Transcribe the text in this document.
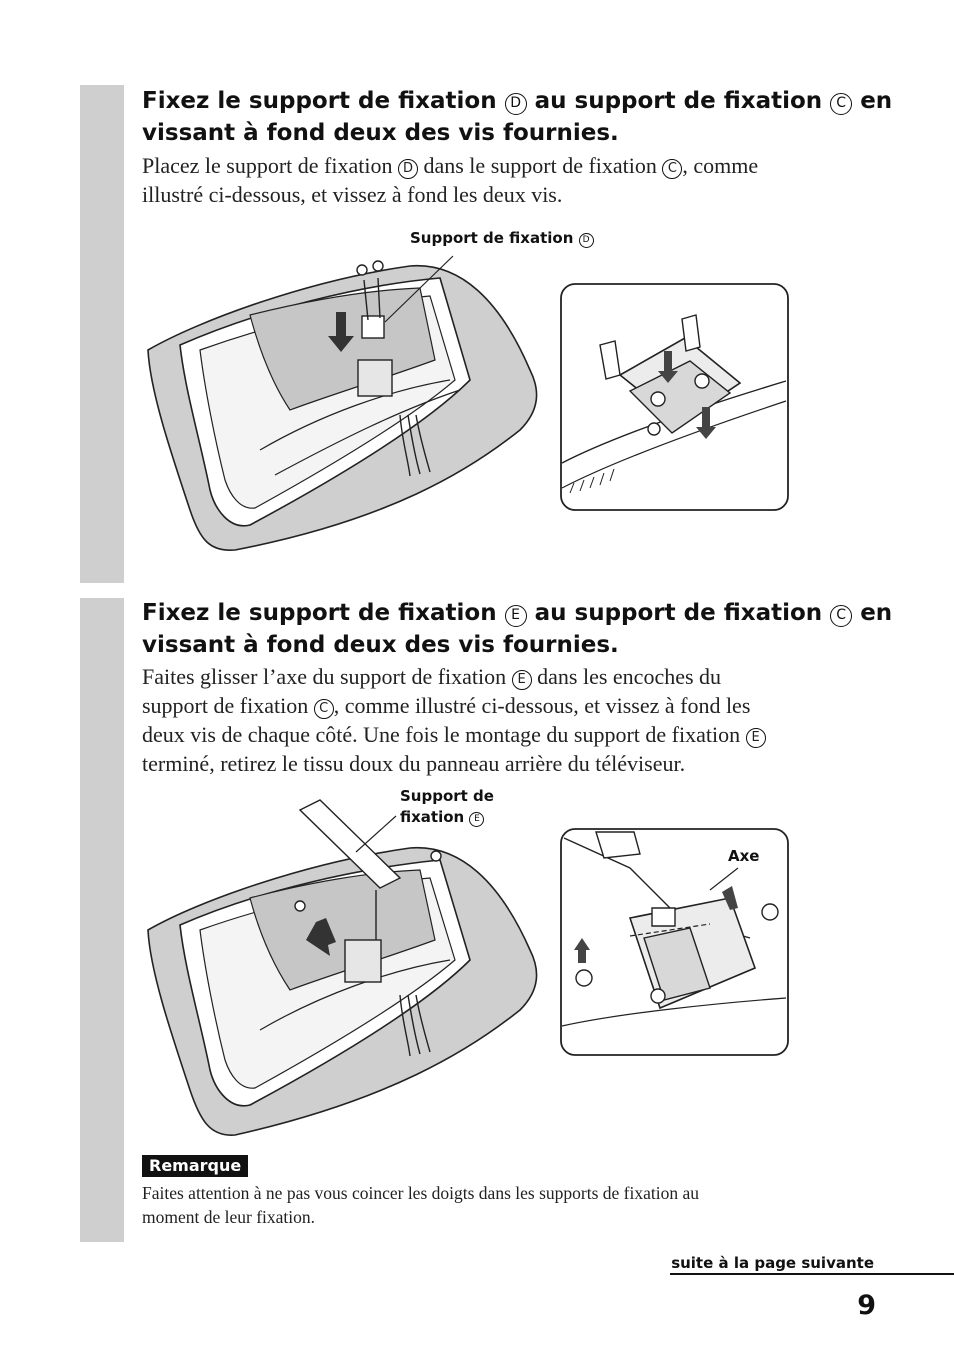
Fixez le support de fixation D au support de fixation C en
vissant à fond deux des vis fournies.

Placez le support de fixation D dans le support de fixation C , comme
illustré ci-dessous, et vissez à fond les deux vis.

Support de fixation D
Fixez le support de fixation E au support de fixation C en
vissant à fond deux des vis fournies.

Faites glisser l’axe du support de fixation E dans les encoches du
support de fixation C , comme illustré ci-dessous, et vissez à fond les
deux vis de chaque côté. Une fois le montage du support de fixation E
terminé, retirez le tissu doux du panneau arrière du téléviseur.

Support de
fixation E
Axe
Remarque

Faites attention à ne pas vous coincer les doigts dans les supports de fixation au
moment de leur fixation.

suite à la page suivante
9
